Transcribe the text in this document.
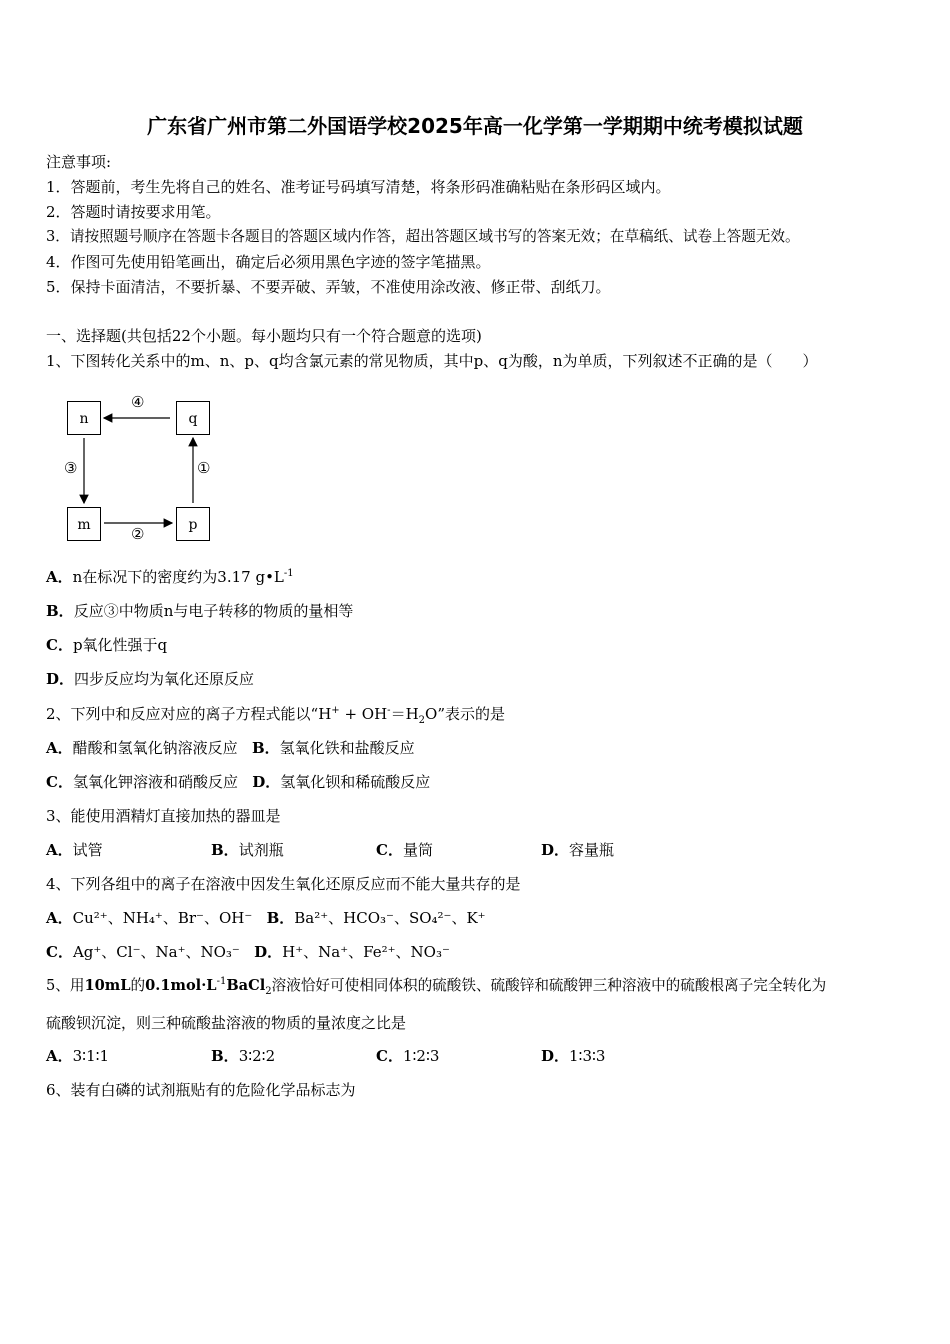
广东省广州市第二外国语学校2025年高一化学第一学期期中统考模拟试题
注意事项:
1．答题前，考生先将自己的姓名、准考证号码填写清楚，将条形码准确粘贴在条形码区域内。
2．答题时请按要求用笔。
3．请按照题号顺序在答题卡各题目的答题区域内作答，超出答题区域书写的答案无效；在草稿纸、试卷上答题无效。
4．作图可先使用铅笔画出，确定后必须用黑色字迹的签字笔描黑。
5．保持卡面清洁，不要折暴、不要弄破、弄皱，不准使用涂改液、修正带、刮纸刀。
一、选择题(共包括22个小题。每小题均只有一个符合题意的选项)
1、下图转化关系中的m、n、p、q均含氯元素的常见物质，其中p、q为酸，n为单质，下列叙述不正确的是（　　）
n	q
m	p
④
③
②
①
A．n在标况下的密度约为3.17 $g•L^{-1}$
B．反应③中物质n与电子转移的物质的量相等
C．p氧化性强于q
D．四步反应均为氧化还原反应
2、下列中和反应对应的离子方程式能以“$H^+ + OH^-=H_2O$”表示的是
A．醋酸和氢氧化钠溶液反应 B．氢氧化铁和盐酸反应
C．氢氧化钾溶液和硝酸反应 D．氢氧化钡和稀硫酸反应
3、能使用酒精灯直接加热的器皿是
A．试管	B．试剂瓶	C．量筒	D．容量瓶
4、下列各组中的离子在溶液中因发生氧化还原反应而不能大量共存的是
A．Cu²⁺、NH₄⁺、Br⁻、OH⁻ B．Ba²⁺、HCO₃⁻、SO₄²⁻、K⁺
C．Ag⁺、Cl⁻、Na⁺、NO₃⁻ D．H⁺、Na⁺、Fe²⁺、NO₃⁻
5、用10mL的$0.1mol\cdot L^{-1}BaCl_2$溶液恰好可使相同体积的硫酸铁、硫酸锌和硫酸钾三种溶液中的硫酸根离子完全转化为
硫酸钡沉淀，则三种硫酸盐溶液的物质的量浓度之比是
A．3∶1∶1	B．3∶2∶2	C．1∶2∶3	D．1∶3∶3
6、装有白磷的试剂瓶贴有的危险化学品标志为
